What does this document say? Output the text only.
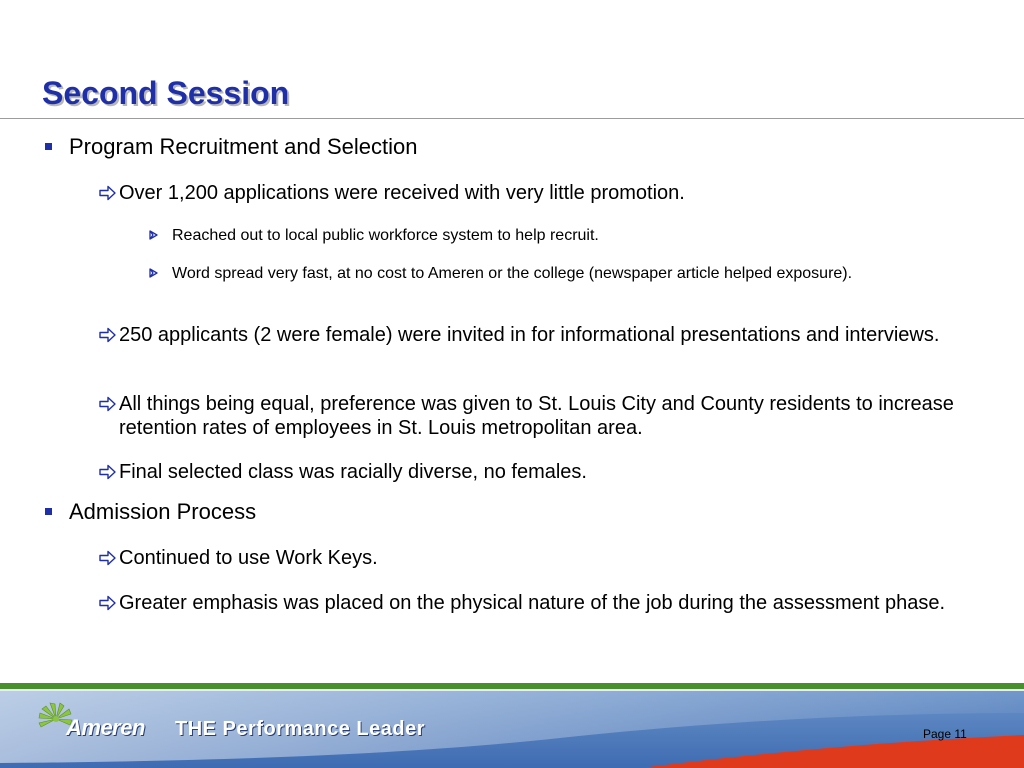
Second Session
Program Recruitment and Selection
Over 1,200 applications were received with very little promotion.
Reached out to local public workforce system to help recruit.
Word spread very fast, at no cost to Ameren or the college (newspaper article helped exposure).
250 applicants (2 were female) were invited in for informational presentations and interviews.
All things being equal, preference was given to St. Louis City and County residents to increase retention rates of employees in St. Louis metropolitan area.
Final selected class was racially diverse, no females.
Admission Process
Continued to use Work Keys.
Greater emphasis was placed on the physical nature of the job during the assessment phase.
Ameren THE Performance Leader	Page 11
